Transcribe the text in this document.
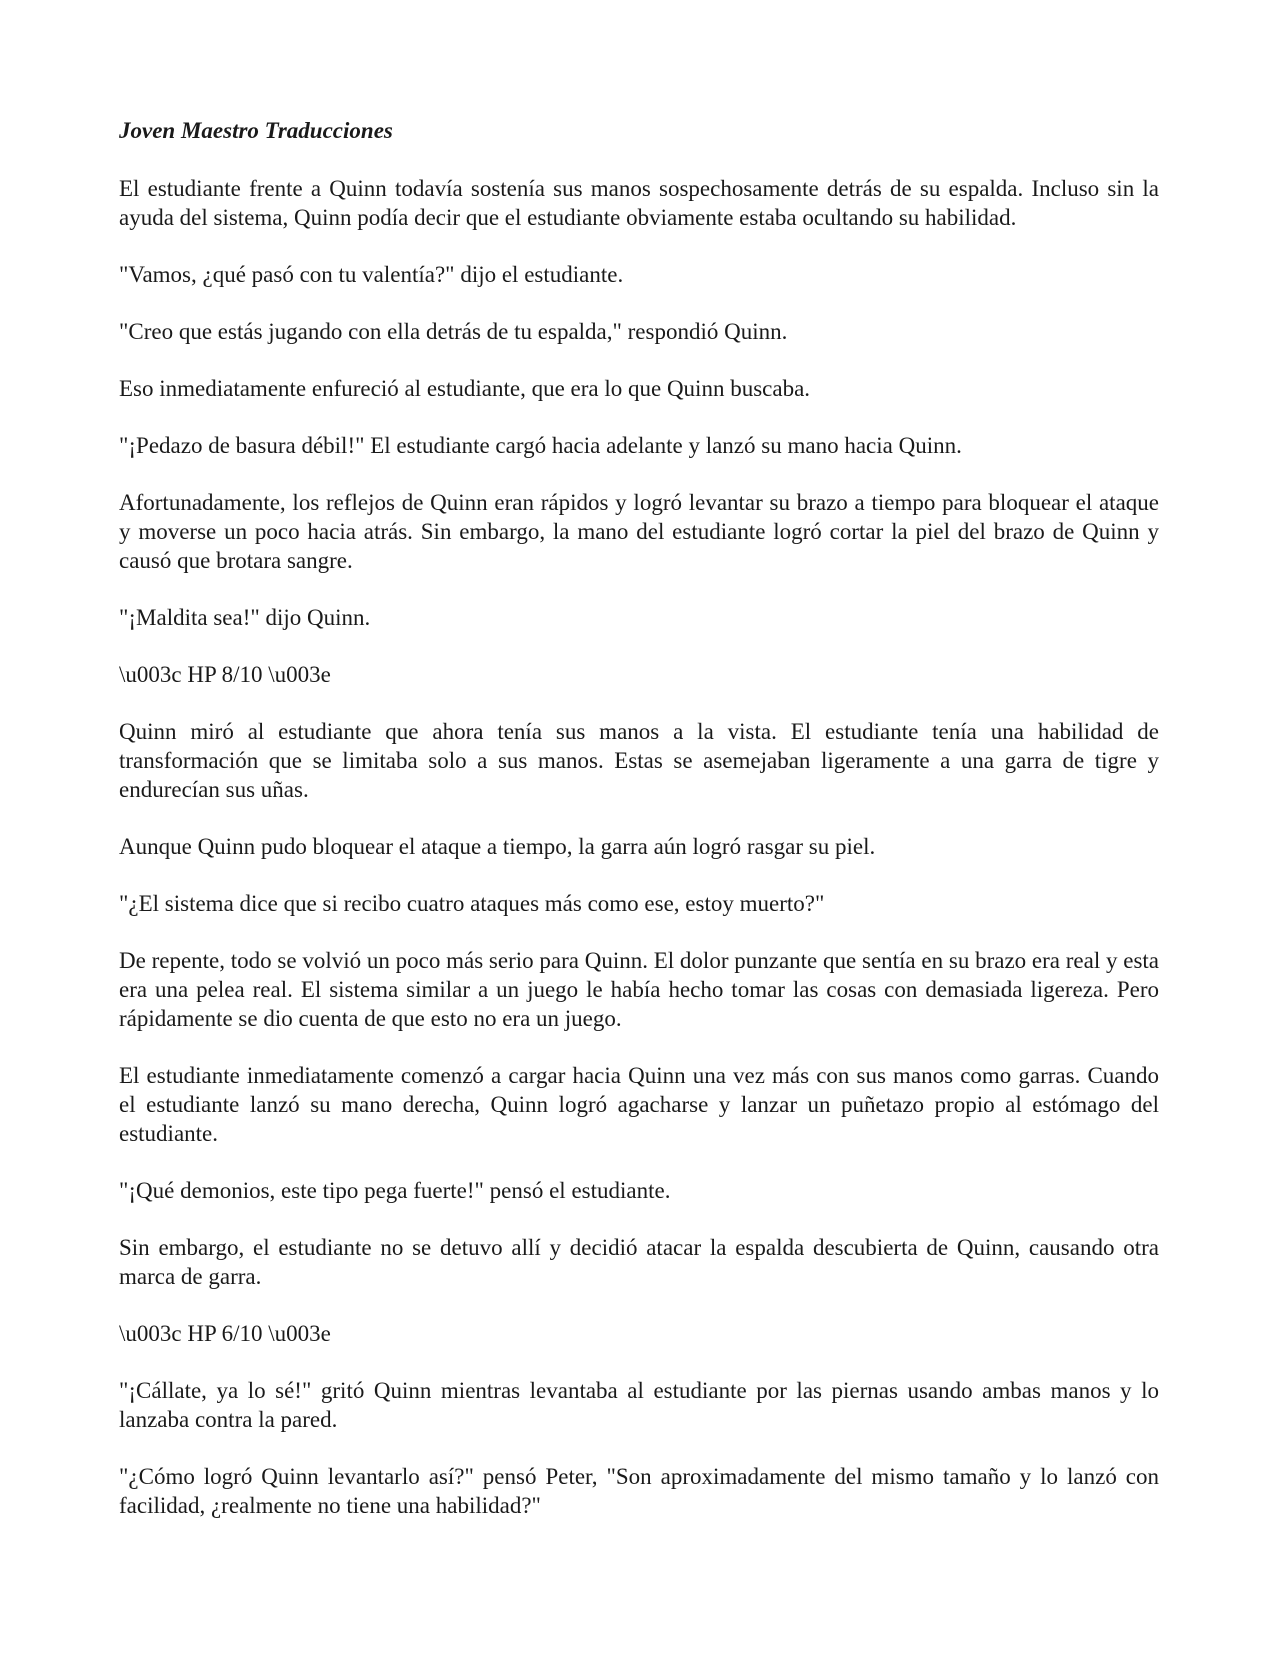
Joven Maestro Traducciones

El estudiante frente a Quinn todavía sostenía sus manos sospechosamente detrás de su espalda. Incluso sin la ayuda del sistema, Quinn podía decir que el estudiante obviamente estaba ocultando su habilidad.

"Vamos, ¿qué pasó con tu valentía?" dijo el estudiante.

"Creo que estás jugando con ella detrás de tu espalda," respondió Quinn.

Eso inmediatamente enfureció al estudiante, que era lo que Quinn buscaba.

"¡Pedazo de basura débil!" El estudiante cargó hacia adelante y lanzó su mano hacia Quinn.

Afortunadamente, los reflejos de Quinn eran rápidos y logró levantar su brazo a tiempo para bloquear el ataque y moverse un poco hacia atrás. Sin embargo, la mano del estudiante logró cortar la piel del brazo de Quinn y causó que brotara sangre.

"¡Maldita sea!" dijo Quinn.

\u003c HP 8/10 \u003e

Quinn miró al estudiante que ahora tenía sus manos a la vista. El estudiante tenía una habilidad de transformación que se limitaba solo a sus manos. Estas se asemejaban ligeramente a una garra de tigre y endurecían sus uñas.

Aunque Quinn pudo bloquear el ataque a tiempo, la garra aún logró rasgar su piel.

"¿El sistema dice que si recibo cuatro ataques más como ese, estoy muerto?"

De repente, todo se volvió un poco más serio para Quinn. El dolor punzante que sentía en su brazo era real y esta era una pelea real. El sistema similar a un juego le había hecho tomar las cosas con demasiada ligereza. Pero rápidamente se dio cuenta de que esto no era un juego.

El estudiante inmediatamente comenzó a cargar hacia Quinn una vez más con sus manos como garras. Cuando el estudiante lanzó su mano derecha, Quinn logró agacharse y lanzar un puñetazo propio al estómago del estudiante.

"¡Qué demonios, este tipo pega fuerte!" pensó el estudiante.

Sin embargo, el estudiante no se detuvo allí y decidió atacar la espalda descubierta de Quinn, causando otra marca de garra.

\u003c HP 6/10 \u003e

"¡Cállate, ya lo sé!" gritó Quinn mientras levantaba al estudiante por las piernas usando ambas manos y lo lanzaba contra la pared.

"¿Cómo logró Quinn levantarlo así?" pensó Peter, "Son aproximadamente del mismo tamaño y lo lanzó con facilidad, ¿realmente no tiene una habilidad?"
